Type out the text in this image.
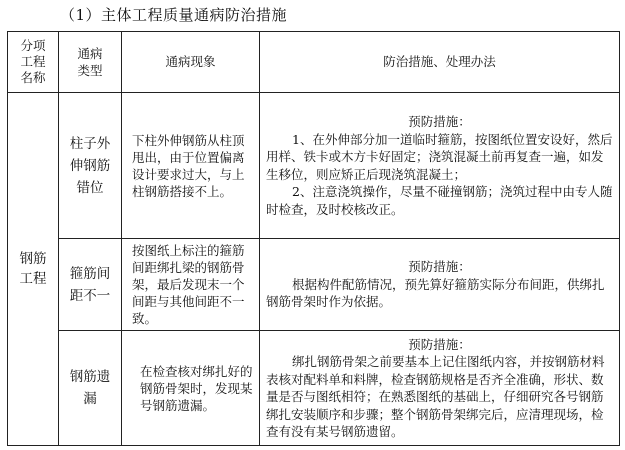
（1）主体工程质量通病防治措施
分项工程名称	通病类型	通病现象	防治措施、处理办法

钢筋工程	柱子外伸钢筋错位	下柱外伸钢筋从柱顶甩出，由于位置偏离设计要求过大，与上柱钢筋搭接不上。	预防措施：
1、在外伸部分加一道临时箍筋，按图纸位置安设好，然后用样、铁卡或木方卡好固定；浇筑混凝土前再复查一遍，如发生移位，则应矫正后现浇筑混凝土；
2、注意浇筑操作，尽量不碰撞钢筋；浇筑过程中由专人随时检查，及时校核改正。

	箍筋间距不一	按图纸上标注的箍筋间距绑扎梁的钢筋骨架，最后发现末一个间距与其他间距不一致。	预防措施：
根据构件配筋情况，预先算好箍筋实际分布间距，供绑扎钢筋骨架时作为依据。

	钢筋遗漏	在检查核对绑扎好的钢筋骨架时，发现某号钢筋遗漏。	预防措施：
绑扎钢筋骨架之前要基本上记住图纸内容，并按钢筋材料表核对配料单和料牌，检查钢筋规格是否齐全准确，形状、数量是否与图纸相符；在熟悉图纸的基础上，仔细研究各号钢筋绑扎安装顺序和步骤；整个钢筋骨架绑完后，应清理现场，检查有没有某号钢筋遗留。
